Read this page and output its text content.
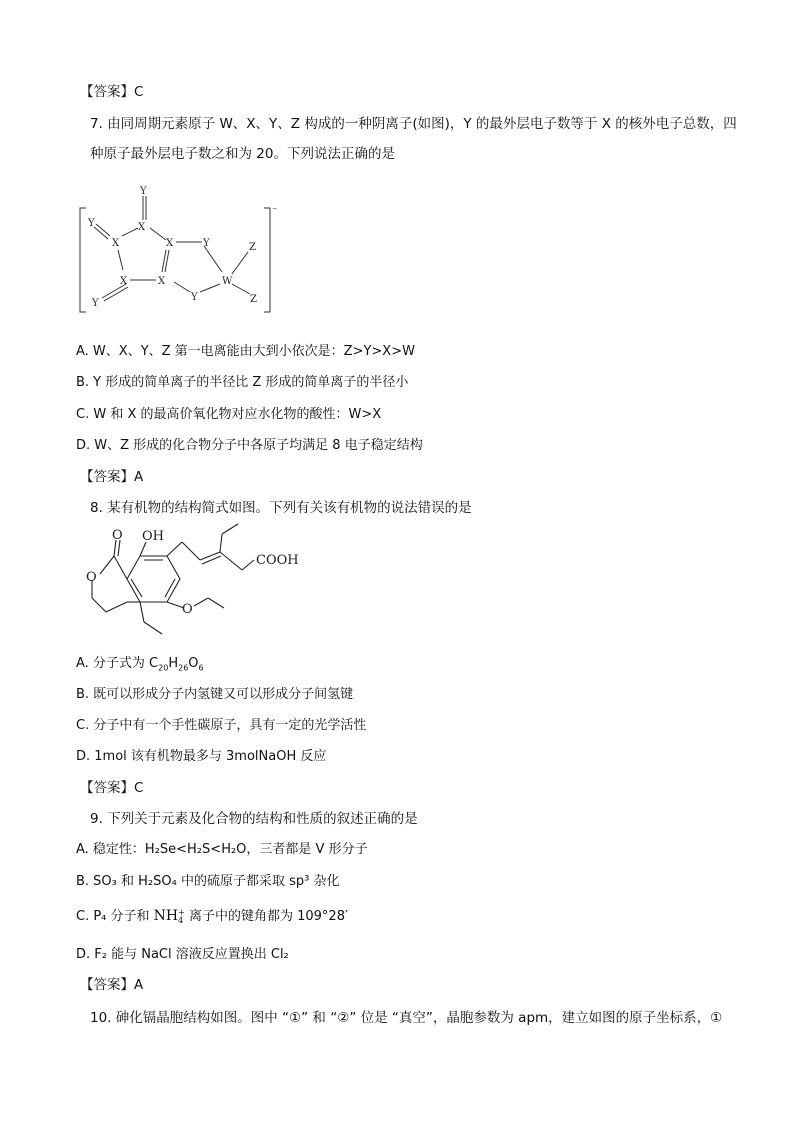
【答案】C
7. 由同周期元素原子 W、X、Y、Z 构成的一种阴离子(如图)，Y 的最外层电子数等于 X 的核外电子总数，四
种原子最外层电子数之和为 20。下列说法正确的是
Y
X
Y
X	X
X	X
Y
Y
Y
W
Z
Z
⁻
A. W、X、Y、Z 第一电离能由大到小依次是：Z>Y>X>W
B. Y 形成的简单离子的半径比 Z 形成的简单离子的半径小
C. W 和 X 的最高价氧化物对应水化物的酸性：W>X
D. W、Z 形成的化合物分子中各原子均满足 8 电子稳定结构
【答案】A
8. 某有机物的结构简式如图。下列有关该有机物的说法错误的是
OH
COOH
O
O
O
A. 分子式为 $C_{20}H_{26}O_6$
B. 既可以形成分子内氢键又可以形成分子间氢键
C. 分子中有一个手性碳原子，具有一定的光学活性
D. 1mol 该有机物最多与 3molNaOH 反应
【答案】C
9. 下列关于元素及化合物的结构和性质的叙述正确的是
A. 稳定性：H₂Se<H₂S<H₂O，三者都是 V 形分子
B. SO₃ 和 H₂SO₄ 中的硫原子都采取 sp³ 杂化
C. P₄ 分子和 NH +
4 离子中的键角都为 109°28′
D. F₂ 能与 NaCl 溶液反应置换出 Cl₂
【答案】A
10. 砷化镉晶胞结构如图。图中 “①” 和 “②” 位是 “真空”，晶胞参数为 apm，建立如图的原子坐标系，①
